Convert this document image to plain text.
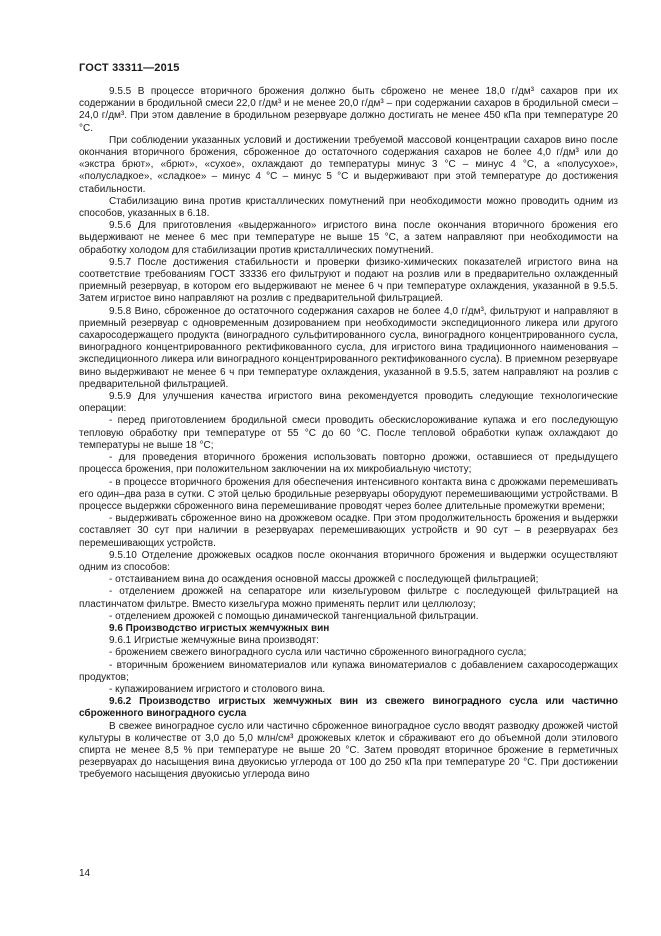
ГОСТ 33311—2015

9.5.5 В процессе вторичного брожения должно быть сброжено не менее 18,0 г/дм³ сахаров при их содержании в бродильной смеси 22,0 г/дм³ и не менее 20,0 г/дм³ – при содержании сахаров в бродильной смеси – 24,0 г/дм³. При этом давление в бродильном резервуаре должно достигать не менее 450 кПа при температуре 20 °С.

При соблюдении указанных условий и достижении требуемой массовой концентрации сахаров вино после окончания вторичного брожения, сброженное до остаточного содержания сахаров не более 4,0 г/дм³ или до «экстра брют», «брют», «сухое», охлаждают до температуры минус 3 °С – минус 4 °С, а «полусухое», «полусладкое», «сладкое» – минус 4 °С – минус 5 °С и выдерживают при этой температуре до достижения стабильности.

Стабилизацию вина против кристаллических помутнений при необходимости можно проводить одним из способов, указанных в 6.18.

9.5.6 Для приготовления «выдержанного» игристого вина после окончания вторичного брожения его выдерживают не менее 6 мес при температуре не выше 15 °С, а затем направляют при необходимости на обработку холодом для стабилизации против кристаллических помутнений.

9.5.7 После достижения стабильности и проверки физико-химических показателей игристого вина на соответствие требованиям ГОСТ 33336 его фильтруют и подают на розлив или в предварительно охлажденный приемный резервуар, в котором его выдерживают не менее 6 ч при температуре охлаждения, указанной в 9.5.5. Затем игристое вино направляют на розлив с предварительной фильтрацией.

9.5.8 Вино, сброженное до остаточного содержания сахаров не более 4,0 г/дм³, фильтруют и направляют в приемный резервуар с одновременным дозированием при необходимости экспедиционного ликера или другого сахаросодержащего продукта (виноградного сульфитированного сусла, виноградного концентрированного сусла, виноградного концентрированного ректификованного сусла, для игристого вина традиционного наименования – экспедиционного ликера или виноградного концентрированного ректификованного сусла). В приемном резервуаре вино выдерживают не менее 6 ч при температуре охлаждения, указанной в 9.5.5, затем направляют на розлив с предварительной фильтрацией.

9.5.9 Для улучшения качества игристого вина рекомендуется проводить следующие технологические операции:

- перед приготовлением бродильной смеси проводить обескислороживание купажа и его последующую тепловую обработку при температуре от 55 °С до 60 °С. После тепловой обработки купаж охлаждают до температуры не выше 18 °С;

- для проведения вторичного брожения использовать повторно дрожжи, оставшиеся от предыдущего процесса брожения, при положительном заключении на их микробиальную чистоту;

- в процессе вторичного брожения для обеспечения интенсивного контакта вина с дрожжами перемешивать его один–два раза в сутки. С этой целью бродильные резервуары оборудуют перемешивающими устройствами. В процессе выдержки сброженного вина перемешивание проводят через более длительные промежутки времени;

- выдерживать сброженное вино на дрожжевом осадке. При этом продолжительность брожения и выдержки составляет 30 сут при наличии в резервуарах перемешивающих устройств и 90 сут – в резервуарах без перемешивающих устройств.

9.5.10 Отделение дрожжевых осадков после окончания вторичного брожения и выдержки осуществляют одним из способов:

- отстаиванием вина до осаждения основной массы дрожжей с последующей фильтрацией;

- отделением дрожжей на сепараторе или кизельгуровом фильтре с последующей фильтрацией на пластинчатом фильтре. Вместо кизельгура можно применять перлит или целлюлозу;

- отделением дрожжей с помощью динамической тангенциальной фильтрации.

9.6 Производство игристых жемчужных вин

9.6.1 Игристые жемчужные вина производят:

- брожением свежего виноградного сусла или частично сброженного виноградного сусла;

- вторичным брожением виноматериалов или купажа виноматериалов с добавлением сахаросодержащих продуктов;

- купажированием игристого и столового вина.

9.6.2 Производство игристых жемчужных вин из свежего виноградного сусла или частично сброженного виноградного сусла

В свежее виноградное сусло или частично сброженное виноградное сусло вводят разводку дрожжей чистой культуры в количестве от 3,0 до 5,0 млн/см³ дрожжевых клеток и сбраживают его до объемной доли этилового спирта не менее 8,5 % при температуре не выше 20 °С. Затем проводят вторичное брожение в герметичных резервуарах до насыщения вина двуокисью углерода от 100 до 250 кПа при температуре 20 °С. При достижении требуемого насыщения двуокисью углерода вино

14
